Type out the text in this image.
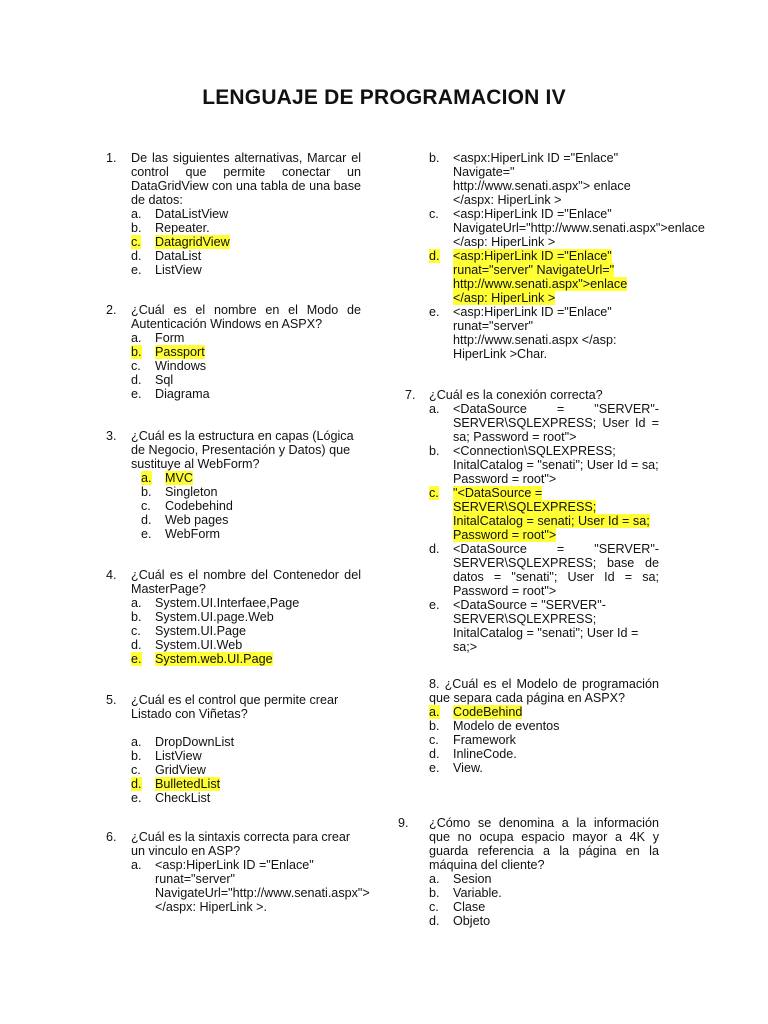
LENGUAJE DE PROGRAMACION IV
1. De las siguientes alternativas, Marcar el control que permite conectar un DataGridView con una tabla de una base de datos:
a. DataListView
b. Repeater.
c. DatagridView
d. DataList
e. ListView
2. ¿Cuál es el nombre en el Modo de Autenticación Windows en ASPX?
a. Form
b. Passport
c. Windows
d. Sql
e. Diagrama
3. ¿Cuál es la estructura en capas (Lógica de Negocio, Presentación y Datos) que sustituye al WebForm?
a. MVC
b. Singleton
c. Codebehind
d. Web pages
e. WebForm
4. ¿Cuál es el nombre del Contenedor del MasterPage?
a. System.UI.Interfaee,Page
b. System.UI.page.Web
c. System.UI.Page
d. System.UI.Web
e. System.web.UI.Page
5. ¿Cuál es el control que permite crear Listado con Viñetas?
a. DropDownList
b. ListView
c. GridView
d. BulletedList
e. CheckList
6. ¿Cuál es la sintaxis correcta para crear un vinculo en ASP?
a. <asp:HiperLink ID ="Enlace" runat="server" NavigateUrl="http://www.senati.aspx"> </aspx: HiperLink >.
b. <aspx:HiperLink ID ="Enlace" Navigate=" http://www.senati.aspx"> enlace </aspx: HiperLink >
c. <asp:HiperLink ID ="Enlace" NavigateUrl="http://www.senati.aspx">enlace </asp: HiperLink >
d. <asp:HiperLink ID ="Enlace" runat="server" NavigateUrl=" http://www.senati.aspx">enlace </asp: HiperLink >
e. <asp:HiperLink ID ="Enlace" runat="server" http://www.senati.aspx </asp: HiperLink >Char.
7. ¿Cuál es la conexión correcta?
a. <DataSource = "SERVER"-SERVER\SQLEXPRESS; User Id = sa; Password = root">
b. <Connection\SQLEXPRESS; InitalCatalog = "senati"; User Id = sa; Password = root">
c. "<DataSource = SERVER\SQLEXPRESS; InitalCatalog = senati; User Id = sa; Password = root">
d. <DataSource = "SERVER"-SERVER\SQLEXPRESS; base de datos = "senati"; User Id = sa; Password = root">
e. <DataSource = "SERVER"-SERVER\SQLEXPRESS; InitalCatalog = "senati"; User Id = sa;>
8. ¿Cuál es el Modelo de programación que separa cada página en ASPX?
a. CodeBehind
b. Modelo de eventos
c. Framework
d. InlineCode.
e. View.
9. ¿Cómo se denomina a la información que no ocupa espacio mayor a 4K y guarda referencia a la página en la máquina del cliente?
a. Sesion
b. Variable.
c. Clase
d. Objeto
